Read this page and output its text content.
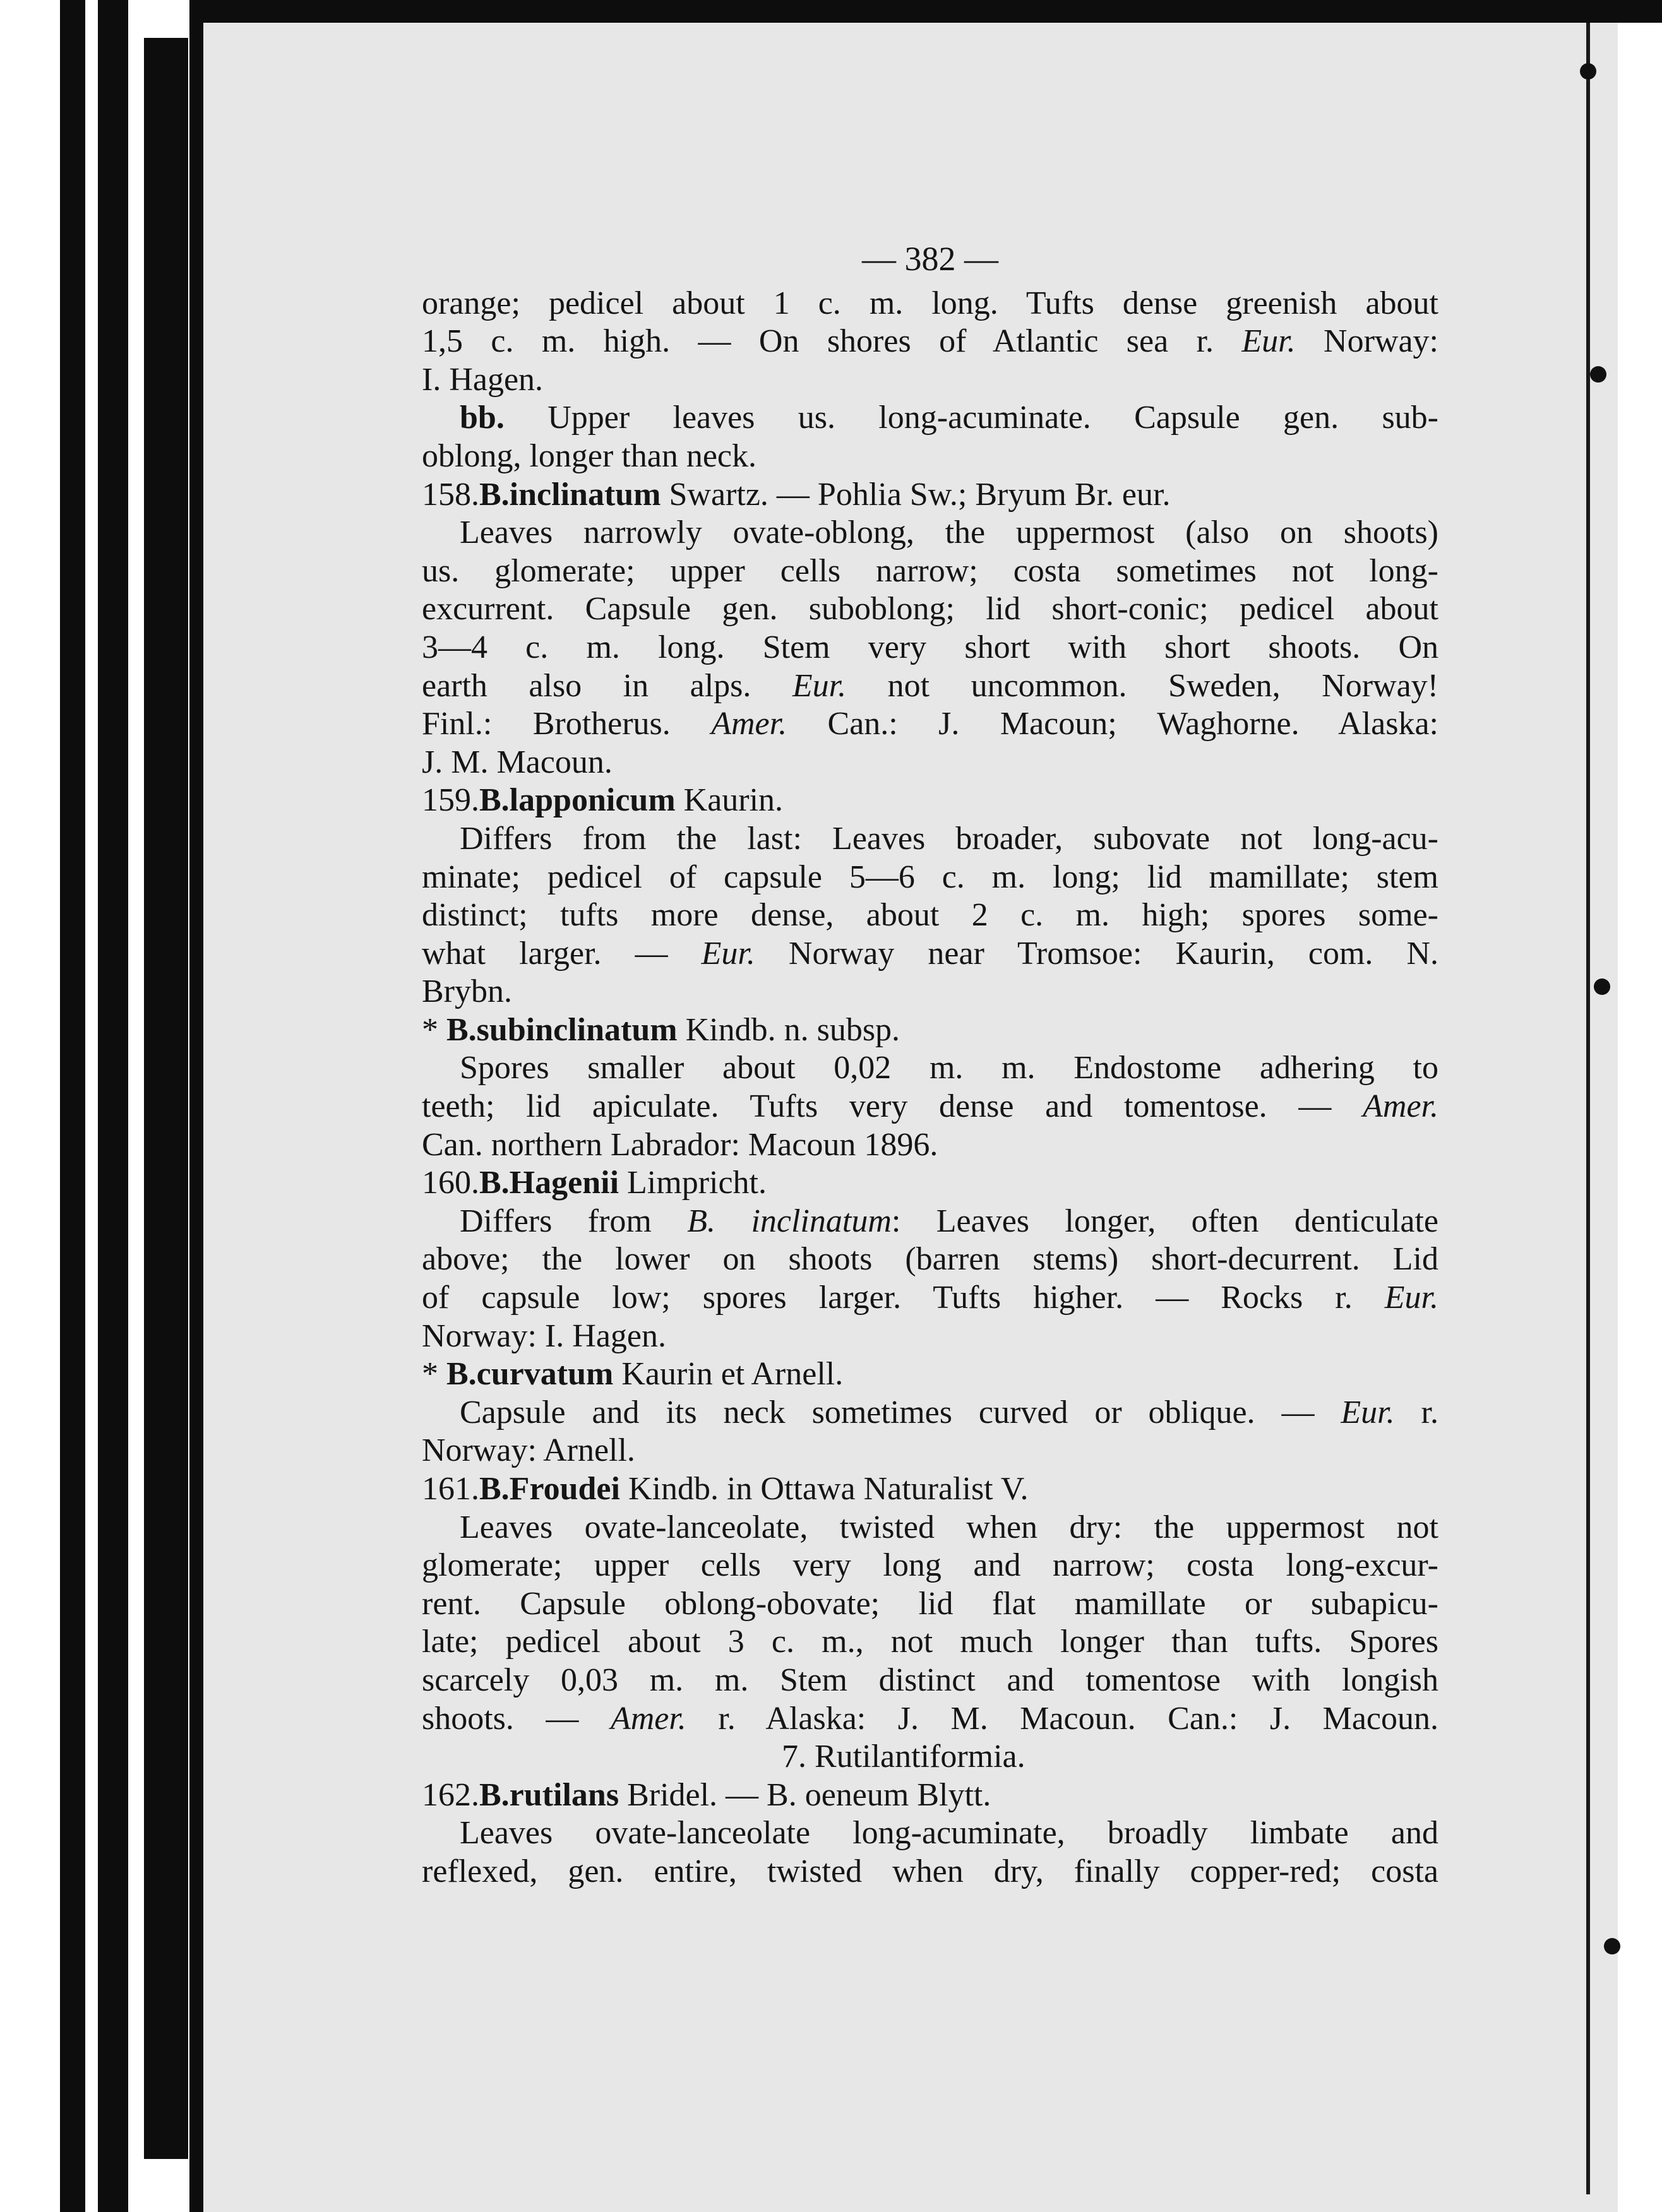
— 382 —
orange; pedicel about 1 c. m. long. Tufts dense greenish about
1,5 c. m. high. — On shores of Atlantic sea r. Eur. Norway:
I. Hagen.
bb. Upper leaves us. long-acuminate. Capsule gen. sub-
oblong, longer than neck.
158.B.inclinatum Swartz. — Pohlia Sw.; Bryum Br. eur.
Leaves narrowly ovate-oblong, the uppermost (also on shoots)
us. glomerate; upper cells narrow; costa sometimes not long-
excurrent. Capsule gen. suboblong; lid short-conic; pedicel about
3—4 c. m. long. Stem very short with short shoots. On
earth also in alps. Eur. not uncommon. Sweden, Norway!
Finl.: Brotherus. Amer. Can.: J. Macoun; Waghorne. Alaska:
J. M. Macoun.
159.B.lapponicum Kaurin.
Differs from the last: Leaves broader, subovate not long-acu-
minate; pedicel of capsule 5—6 c. m. long; lid mamillate; stem
distinct; tufts more dense, about 2 c. m. high; spores some-
what larger. — Eur. Norway near Tromsoe: Kaurin, com. N.
Brybn.
* B.subinclinatum Kindb. n. subsp.
Spores smaller about 0,02 m. m. Endostome adhering to
teeth; lid apiculate. Tufts very dense and tomentose. — Amer.
Can. northern Labrador: Macoun 1896.
160.B.Hagenii Limpricht.
Differs from B. inclinatum: Leaves longer, often denticulate
above; the lower on shoots (barren stems) short-decurrent. Lid
of capsule low; spores larger. Tufts higher. — Rocks r. Eur.
Norway: I. Hagen.
* B.curvatum Kaurin et Arnell.
Capsule and its neck sometimes curved or oblique. — Eur. r.
Norway: Arnell.
161.B.Froudei Kindb. in Ottawa Naturalist V.
Leaves ovate-lanceolate, twisted when dry: the uppermost not
glomerate; upper cells very long and narrow; costa long-excur-
rent. Capsule oblong-obovate; lid flat mamillate or subapicu-
late; pedicel about 3 c. m., not much longer than tufts. Spores
scarcely 0,03 m. m. Stem distinct and tomentose with longish
shoots. — Amer. r. Alaska: J. M. Macoun. Can.: J. Macoun.
7. Rutilantiformia.
162.B.rutilans Bridel. — B. oeneum Blytt.
Leaves ovate-lanceolate long-acuminate, broadly limbate and
reflexed, gen. entire, twisted when dry, finally copper-red; costa
